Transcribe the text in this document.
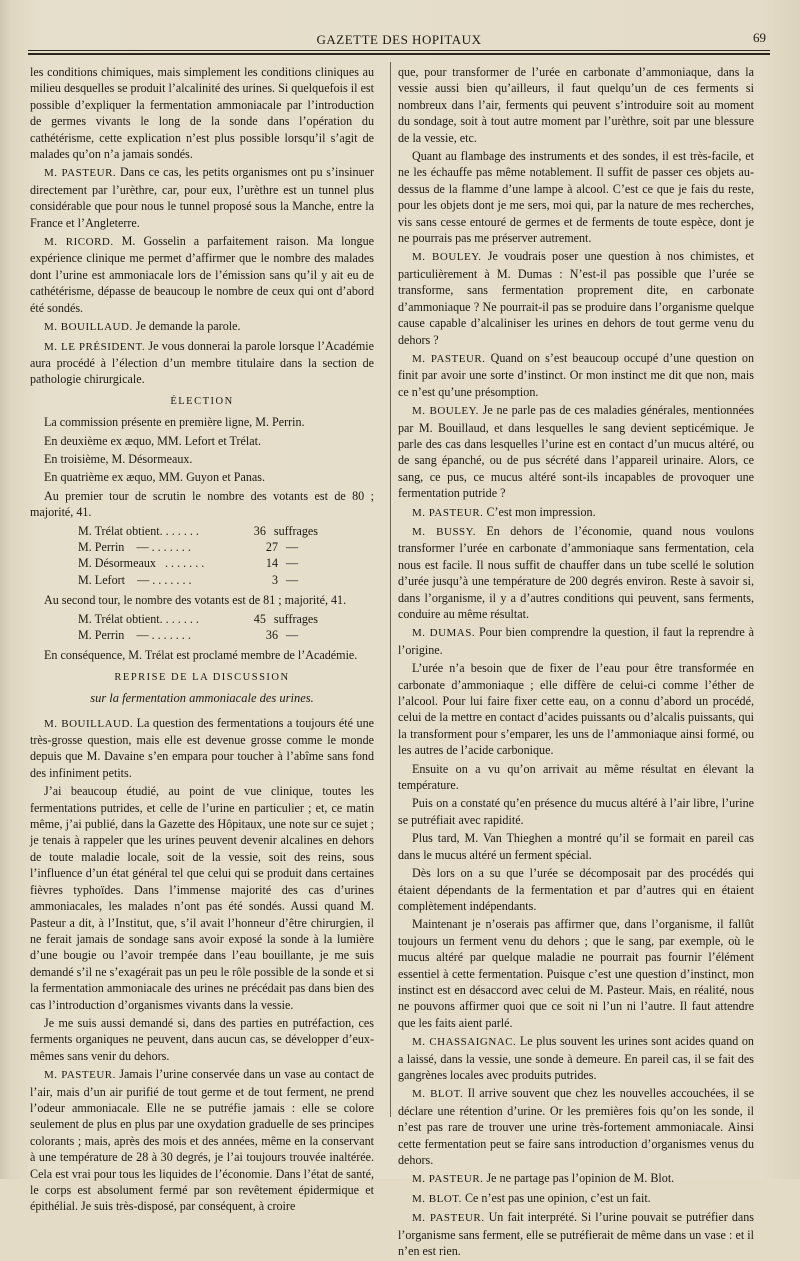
GAZETTE DES HOPITAUX	69

les conditions chimiques, mais simplement les conditions cliniques au milieu desquelles se produit l’alcalinité des urines. Si quelquefois il est possible d’expliquer la fermentation ammoniacale par l’introduction de germes vivants le long de la sonde dans l’opération du cathétérisme, cette explication n’est plus possible lorsqu’il s’agit de malades qu’on n’a jamais sondés.

M. PASTEUR. Dans ce cas, les petits organismes ont pu s’insinuer directement par l’urèthre, car, pour eux, l’urèthre est un tunnel plus considérable que pour nous le tunnel proposé sous la Manche, entre la France et l’Angleterre.

M. RICORD. M. Gosselin a parfaitement raison. Ma longue expérience clinique me permet d’affirmer que le nombre des malades dont l’urine est ammoniacale lors de l’émission sans qu’il y ait eu de cathétérisme, dépasse de beaucoup le nombre de ceux qui ont d’abord été sondés.

M. BOUILLAUD. Je demande la parole.

M. LE PRÉSIDENT. Je vous donnerai la parole lorsque l’Académie aura procédé à l’élection d’un membre titulaire dans la section de pathologie chirurgicale.

ÉLECTION

La commission présente en première ligne, M. Perrin.

En deuxième ex æquo, MM. Lefort et Trélat.

En troisième, M. Désormeaux.

En quatrième ex æquo, MM. Guyon et Panas.

Au premier tour de scrutin le nombre des votants est de 80 ; majorité, 41.

M. Trélat obtient. . . . . . .	36 suffrages
M. Perrin    — . . . . . . .	27 —
M. Désormeaux   . . . . . . .	14 —
M. Lefort    — . . . . . . .	3 —

Au second tour, le nombre des votants est de 81 ; majorité, 41.

M. Trélat obtient. . . . . . .	45 suffrages
M. Perrin    — . . . . . . .	36 —

En conséquence, M. Trélat est proclamé membre de l’Académie.

REPRISE DE LA DISCUSSION
sur la fermentation ammoniacale des urines.

M. BOUILLAUD. La question des fermentations a toujours été une très-grosse question, mais elle est devenue grosse comme le monde depuis que M. Davaine s’en empara pour toucher à l’abîme sans fond des infiniment petits.

J’ai beaucoup étudié, au point de vue clinique, toutes les fermentations putrides, et celle de l’urine en particulier ; et, ce matin même, j’ai publié, dans la Gazette des Hôpitaux, une note sur ce sujet ; je tenais à rappeler que les urines peuvent devenir alcalines en dehors de toute maladie locale, soit de la vessie, soit des reins, sous l’influence d’un état général tel que celui qui se produit dans certaines fièvres typhoïdes. Dans l’immense majorité des cas d’urines ammoniacales, les malades n’ont pas été sondés. Aussi quand M. Pasteur a dit, à l’Institut, que, s’il avait l’honneur d’être chirurgien, il ne ferait jamais de sondage sans avoir exposé la sonde à la lumière d’une bougie ou l’avoir trempée dans l’eau bouillante, je me suis demandé s’il ne s’exagérait pas un peu le rôle possible de la sonde et si la fermentation ammoniacale des urines ne précédait pas dans bien des cas l’introduction d’organismes vivants dans la vessie.

Je me suis aussi demandé si, dans des parties en putréfaction, ces ferments organiques ne peuvent, dans aucun cas, se développer d’eux-mêmes sans venir du dehors.

M. PASTEUR. Jamais l’urine conservée dans un vase au contact de l’air, mais d’un air purifié de tout germe et de tout ferment, ne prend l’odeur ammoniacale. Elle ne se putréfie jamais : elle se colore seulement de plus en plus par une oxydation graduelle de ses principes colorants ; mais, après des mois et des années, même en la conservant à une température de 28 à 30 degrés, je l’ai toujours trouvée inaltérée. Cela est vrai pour tous les liquides de l’économie. Dans l’état de santé, le corps est absolument fermé par son revêtement épidermique et épithélial. Je suis très-disposé, par conséquent, à croire

que, pour transformer de l’urée en carbonate d’ammoniaque, dans la vessie aussi bien qu’ailleurs, il faut quelqu’un de ces ferments si nombreux dans l’air, ferments qui peuvent s’introduire soit au moment du sondage, soit à tout autre moment par l’urèthre, soit par une blessure de la vessie, etc.

Quant au flambage des instruments et des sondes, il est très-facile, et ne les échauffe pas même notablement. Il suffit de passer ces objets au-dessus de la flamme d’une lampe à alcool. C’est ce que je fais du reste, pour les objets dont je me sers, moi qui, par la nature de mes recherches, vis sans cesse entouré de germes et de ferments de toute espèce, dont je ne pourrais pas me préserver autrement.

M. BOULEY. Je voudrais poser une question à nos chimistes, et particulièrement à M. Dumas : N’est-il pas possible que l’urée se transforme, sans fermentation proprement dite, en carbonate d’ammoniaque ? Ne pourrait-il pas se produire dans l’organisme quelque cause capable d’alcaliniser les urines en dehors de tout germe venu du dehors ?

M. PASTEUR. Quand on s’est beaucoup occupé d’une question on finit par avoir une sorte d’instinct. Or mon instinct me dit que non, mais ce n’est qu’une présomption.

M. BOULEY. Je ne parle pas de ces maladies générales, mentionnées par M. Bouillaud, et dans lesquelles le sang devient septicémique. Je parle des cas dans lesquelles l’urine est en contact d’un mucus altéré, ou de sang épanché, ou de pus sécrété dans l’appareil urinaire. Alors, ce sang, ce pus, ce mucus altéré sont-ils incapables de provoquer une fermentation putride ?

M. PASTEUR. C’est mon impression.

M. BUSSY. En dehors de l’économie, quand nous voulons transformer l’urée en carbonate d’ammoniaque sans fermentation, cela nous est facile. Il nous suffit de chauffer dans un tube scellé le solution d’urée jusqu’à une température de 200 degrés environ. Reste à savoir si, dans l’organisme, il y a d’autres conditions qui peuvent, sans ferments, conduire au même résultat.

M. DUMAS. Pour bien comprendre la question, il faut la reprendre à l’origine.

L’urée n’a besoin que de fixer de l’eau pour être transformée en carbonate d’ammoniaque ; elle diffère de celui-ci comme l’éther de l’alcool. Pour lui faire fixer cette eau, on a connu d’abord un procédé, celui de la mettre en contact d’acides puissants ou d’alcalis puissants, qui la transforment pour s’emparer, les uns de l’ammoniaque ainsi formé, ou les autres de l’acide carbonique.

Ensuite on a vu qu’on arrivait au même résultat en élevant la température.

Puis on a constaté qu’en présence du mucus altéré à l’air libre, l’urine se putréfiait avec rapidité.

Plus tard, M. Van Thieghen a montré qu’il se formait en pareil cas dans le mucus altéré un ferment spécial.

Dès lors on a su que l’urée se décomposait par des procédés qui étaient dépendants de la fermentation et par d’autres qui en étaient complètement indépendants.

Maintenant je n’oserais pas affirmer que, dans l’organisme, il fallût toujours un ferment venu du dehors ; que le sang, par exemple, où le mucus altéré par quelque maladie ne pourrait pas fournir l’élément essentiel à cette fermentation. Puisque c’est une question d’instinct, mon instinct est en désaccord avec celui de M. Pasteur. Mais, en réalité, nous ne pouvons affirmer quoi que ce soit ni l’un ni l’autre. Il faut attendre que les faits aient parlé.

M. CHASSAIGNAC. Le plus souvent les urines sont acides quand on a laissé, dans la vessie, une sonde à demeure. En pareil cas, il se fait des gangrènes locales avec produits putrides.

M. BLOT. Il arrive souvent que chez les nouvelles accouchées, il se déclare une rétention d’urine. Or les premières fois qu’on les sonde, il n’est pas rare de trouver une urine très-fortement ammoniacale. Ainsi cette fermentation peut se faire sans introduction d’organismes venus du dehors.

M. PASTEUR. Je ne partage pas l’opinion de M. Blot.

M. BLOT. Ce n’est pas une opinion, c’est un fait.

M. PASTEUR. Un fait interprété. Si l’urine pouvait se putréfier dans l’organisme sans ferment, elle se putréfierait de même dans un vase : et il n’en est rien.
